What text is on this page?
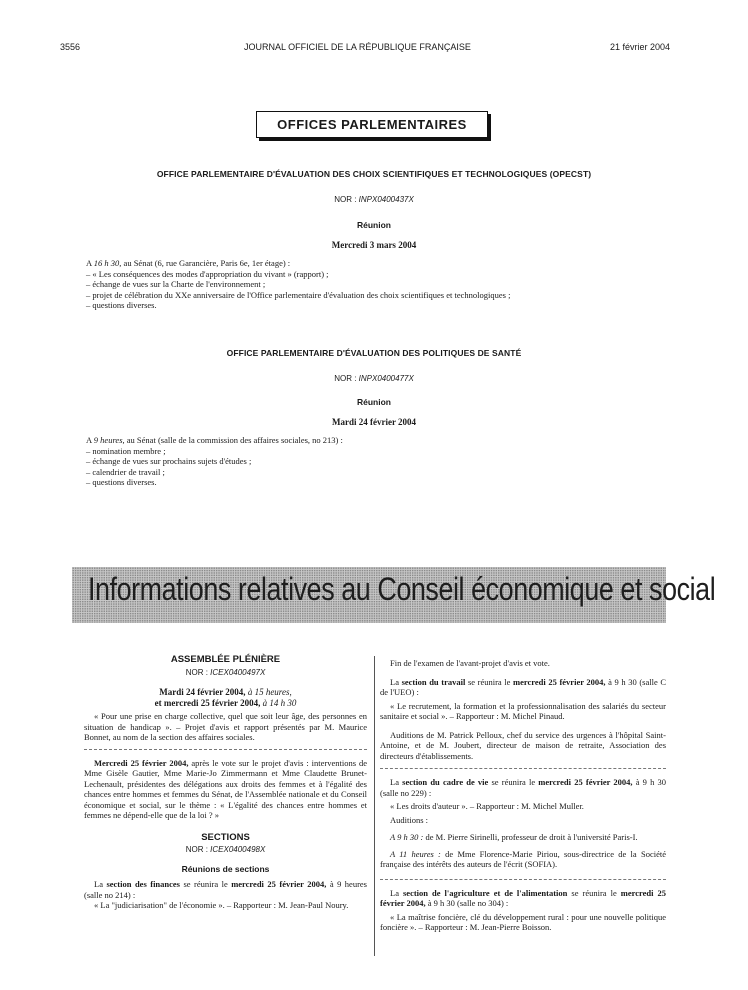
3556	JOURNAL OFFICIEL DE LA RÉPUBLIQUE FRANÇAISE	21 février 2004
OFFICES PARLEMENTAIRES
OFFICE PARLEMENTAIRE D'ÉVALUATION DES CHOIX SCIENTIFIQUES ET TECHNOLOGIQUES (OPECST)
NOR : INPX0400437X
Réunion
Mercredi 3 mars 2004
A 16 h 30, au Sénat (6, rue Garancière, Paris 6e, 1er étage) :
– « Les conséquences des modes d'appropriation du vivant » (rapport) ;
– échange de vues sur la Charte de l'environnement ;
– projet de célébration du XXe anniversaire de l'Office parlementaire d'évaluation des choix scientifiques et technologiques ;
– questions diverses.
OFFICE PARLEMENTAIRE D'ÉVALUATION DES POLITIQUES DE SANTÉ
NOR : INPX0400477X
Réunion
Mardi 24 février 2004
A 9 heures, au Sénat (salle de la commission des affaires sociales, no 213) :
– nomination membre ;
– échange de vues sur prochains sujets d'études ;
– calendrier de travail ;
– questions diverses.
Informations relatives au Conseil économique et social
ASSEMBLÉE PLÉNIÈRE
NOR : ICEX0400497X
Mardi 24 février 2004, à 15 heures,
et mercredi 25 février 2004, à 14 h 30

« Pour une prise en charge collective, quel que soit leur âge, des personnes en situation de handicap ». – Projet d'avis et rapport présentés par M. Maurice Bonnet, au nom de la section des affaires sociales.

Mercredi 25 février 2004, après le vote sur le projet d'avis : interventions de Mme Gisèle Gautier, Mme Marie-Jo Zimmermann et Mme Claudette Brunet-Lechenault, présidentes des délégations aux droits des femmes et à l'égalité des chances entre hommes et femmes du Sénat, de l'Assemblée nationale et du Conseil économique et social, sur le thème : « L'égalité des chances entre hommes et femmes ne dépend-elle que de la loi ? »

SECTIONS
NOR : ICEX0400498X
Réunions de sections

La section des finances se réunira le mercredi 25 février 2004, à 9 heures (salle no 214) :

« La "judiciarisation" de l'économie ». – Rapporteur : M. Jean-Paul Noury.

Fin de l'examen de l'avant-projet d'avis et vote.

La section du travail se réunira le mercredi 25 février 2004, à 9 h 30 (salle C de l'UEO) :

« Le recrutement, la formation et la professionnalisation des salariés du secteur sanitaire et social ». – Rapporteur : M. Michel Pinaud.

Auditions de M. Patrick Pelloux, chef du service des urgences à l'hôpital Saint-Antoine, et de M. Joubert, directeur de maison de retraite, Association des directeurs d'établissements.

La section du cadre de vie se réunira le mercredi 25 février 2004, à 9 h 30 (salle no 229) :

« Les droits d'auteur ». – Rapporteur : M. Michel Muller.

Auditions :

A 9 h 30 : de M. Pierre Sirinelli, professeur de droit à l'université Paris-I.

A 11 heures : de Mme Florence-Marie Piriou, sous-directrice de la Société française des intérêts des auteurs de l'écrit (SOFIA).

La section de l'agriculture et de l'alimentation se réunira le mercredi 25 février 2004, à 9 h 30 (salle no 304) :

« La maîtrise foncière, clé du développement rural : pour une nouvelle politique foncière ». – Rapporteur : M. Jean-Pierre Boisson.
